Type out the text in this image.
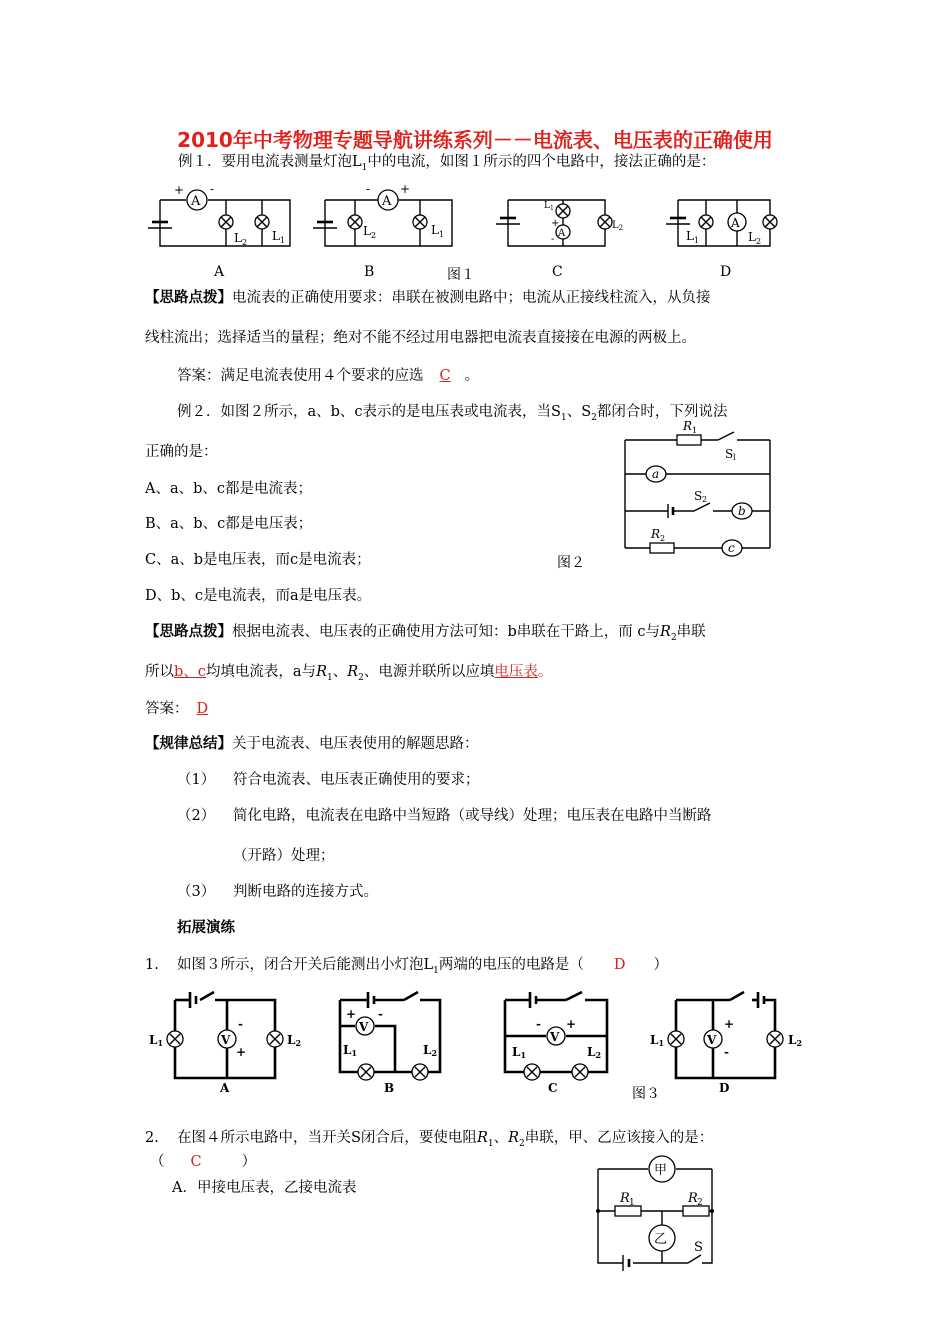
2010年中考物理专题导航讲练系列－－电流表、电压表的正确使用
例１．要用电流表测量灯泡$L_1$中的电流，如图１所示的四个电路中，接法正确的是：
A
+ -
$L_2$ $L_1$
A
- +
$L_2$	$L_1$	A
$L_1$
+
-
$L_2$	A
$L_1$	$L_2$
A	B	图１	C	D
【思路点拨】电流表的正确使用要求：串联在被测电路中；电流从正接线柱流入，从负接
线柱流出；选择适当的量程；绝对不能不经过用电器把电流表直接接在电源的两极上。
答案：满足电流表使用４个要求的应选 C 。
例２．如图２所示，a、b、c表示的是电压表或电流表，当$S_1$、$S_2$都闭合时，下列说法
正确的是：
A、a、b、c都是电流表；
B、a、b、c都是电压表；
C、a、b是电压表，而c是电流表；
D、b、c是电流表，而a是电压表。
图２
R 1
S l
a
S 2
b
R 2
c
【思路点拨】根据电流表、电压表的正确使用方法可知：b串联在干路上，而 c与$R_2$串联
所以b、c均填电流表，a与$R_1$、$R_2$、电源并联所以应填电压表。
答案： D
【规律总结】关于电流表、电压表使用的解题思路：
（1） 符合电流表、电压表正确使用的要求；
（2） 简化电路，电流表在电路中当短路（或导线）处理；电压表在电路中当断路
（开路）处理；
（3） 判断电路的连接方式。
拓展演练
1. 如图３所示，闭合开关后能测出小灯泡$L_1$两端的电压的电路是（ D ）
V
L1	L2
-
+
A
V
+ -
L1	L2
B
V
- +
L1	L2
C
V
L1	L2
+
-
D
图３
2. 在图４所示电路中，当开关S闭合后，要使电阻$R_1$、$R_2$串联，甲、乙应该接入的是：
（ C	）
A．甲接电压表，乙接电流表
甲
乙
R 1	R 2
S
